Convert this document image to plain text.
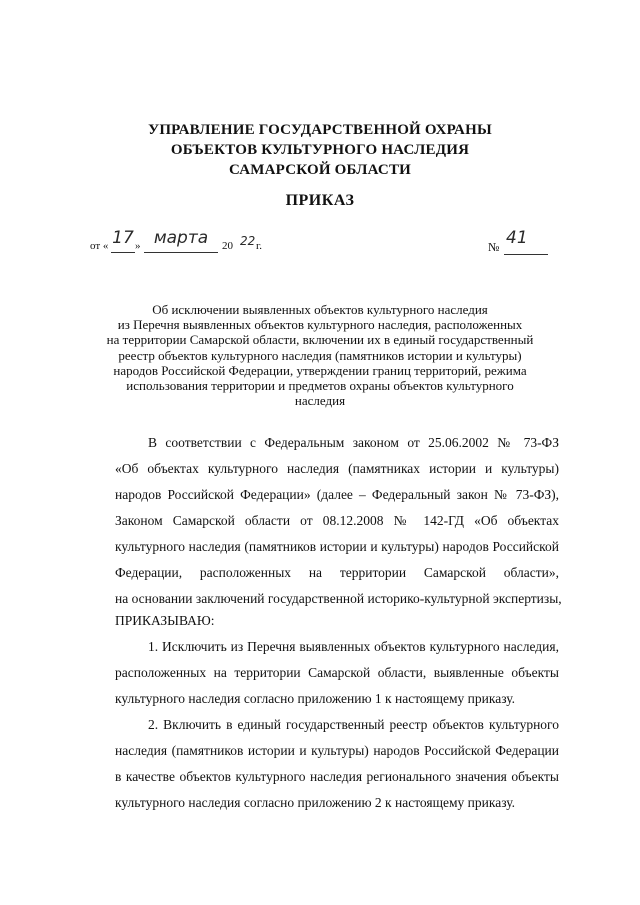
УПРАВЛЕНИЕ ГОСУДАРСТВЕННОЙ ОХРАНЫ
ОБЪЕКТОВ КУЛЬТУРНОГО НАСЛЕДИЯ
САМАРСКОЙ ОБЛАСТИ
ПРИКАЗ
от « 17 » марта	20 22 г.	№ 41
Об исключении выявленных объектов культурного наследия
из Перечня выявленных объектов культурного наследия, расположенных
на территории Самарской области, включении их в единый государственный
реестр объектов культурного наследия (памятников истории и культуры)
народов Российской Федерации, утверждении границ территорий, режима
использования территории и предметов охраны объектов культурного
наследия
В соответствии с Федеральным законом от 25.06.2002 № 73-ФЗ
«Об объектах культурного наследия (памятниках истории и культуры)
народов Российской Федерации» (далее – Федеральный закон № 73-ФЗ),
Законом Самарской области от 08.12.2008 № 142-ГД «Об объектах
культурного наследия (памятников истории и культуры) народов Российской
Федерации, расположенных на территории Самарской области»,
на основании заключений государственной историко-культурной экспертизы,
ПРИКАЗЫВАЮ:
1. Исключить из Перечня выявленных объектов культурного наследия,
расположенных на территории Самарской области, выявленные объекты
культурного наследия согласно приложению 1 к настоящему приказу.
2. Включить в единый государственный реестр объектов культурного
наследия (памятников истории и культуры) народов Российской Федерации
в качестве объектов культурного наследия регионального значения объекты
культурного наследия согласно приложению 2 к настоящему приказу.
